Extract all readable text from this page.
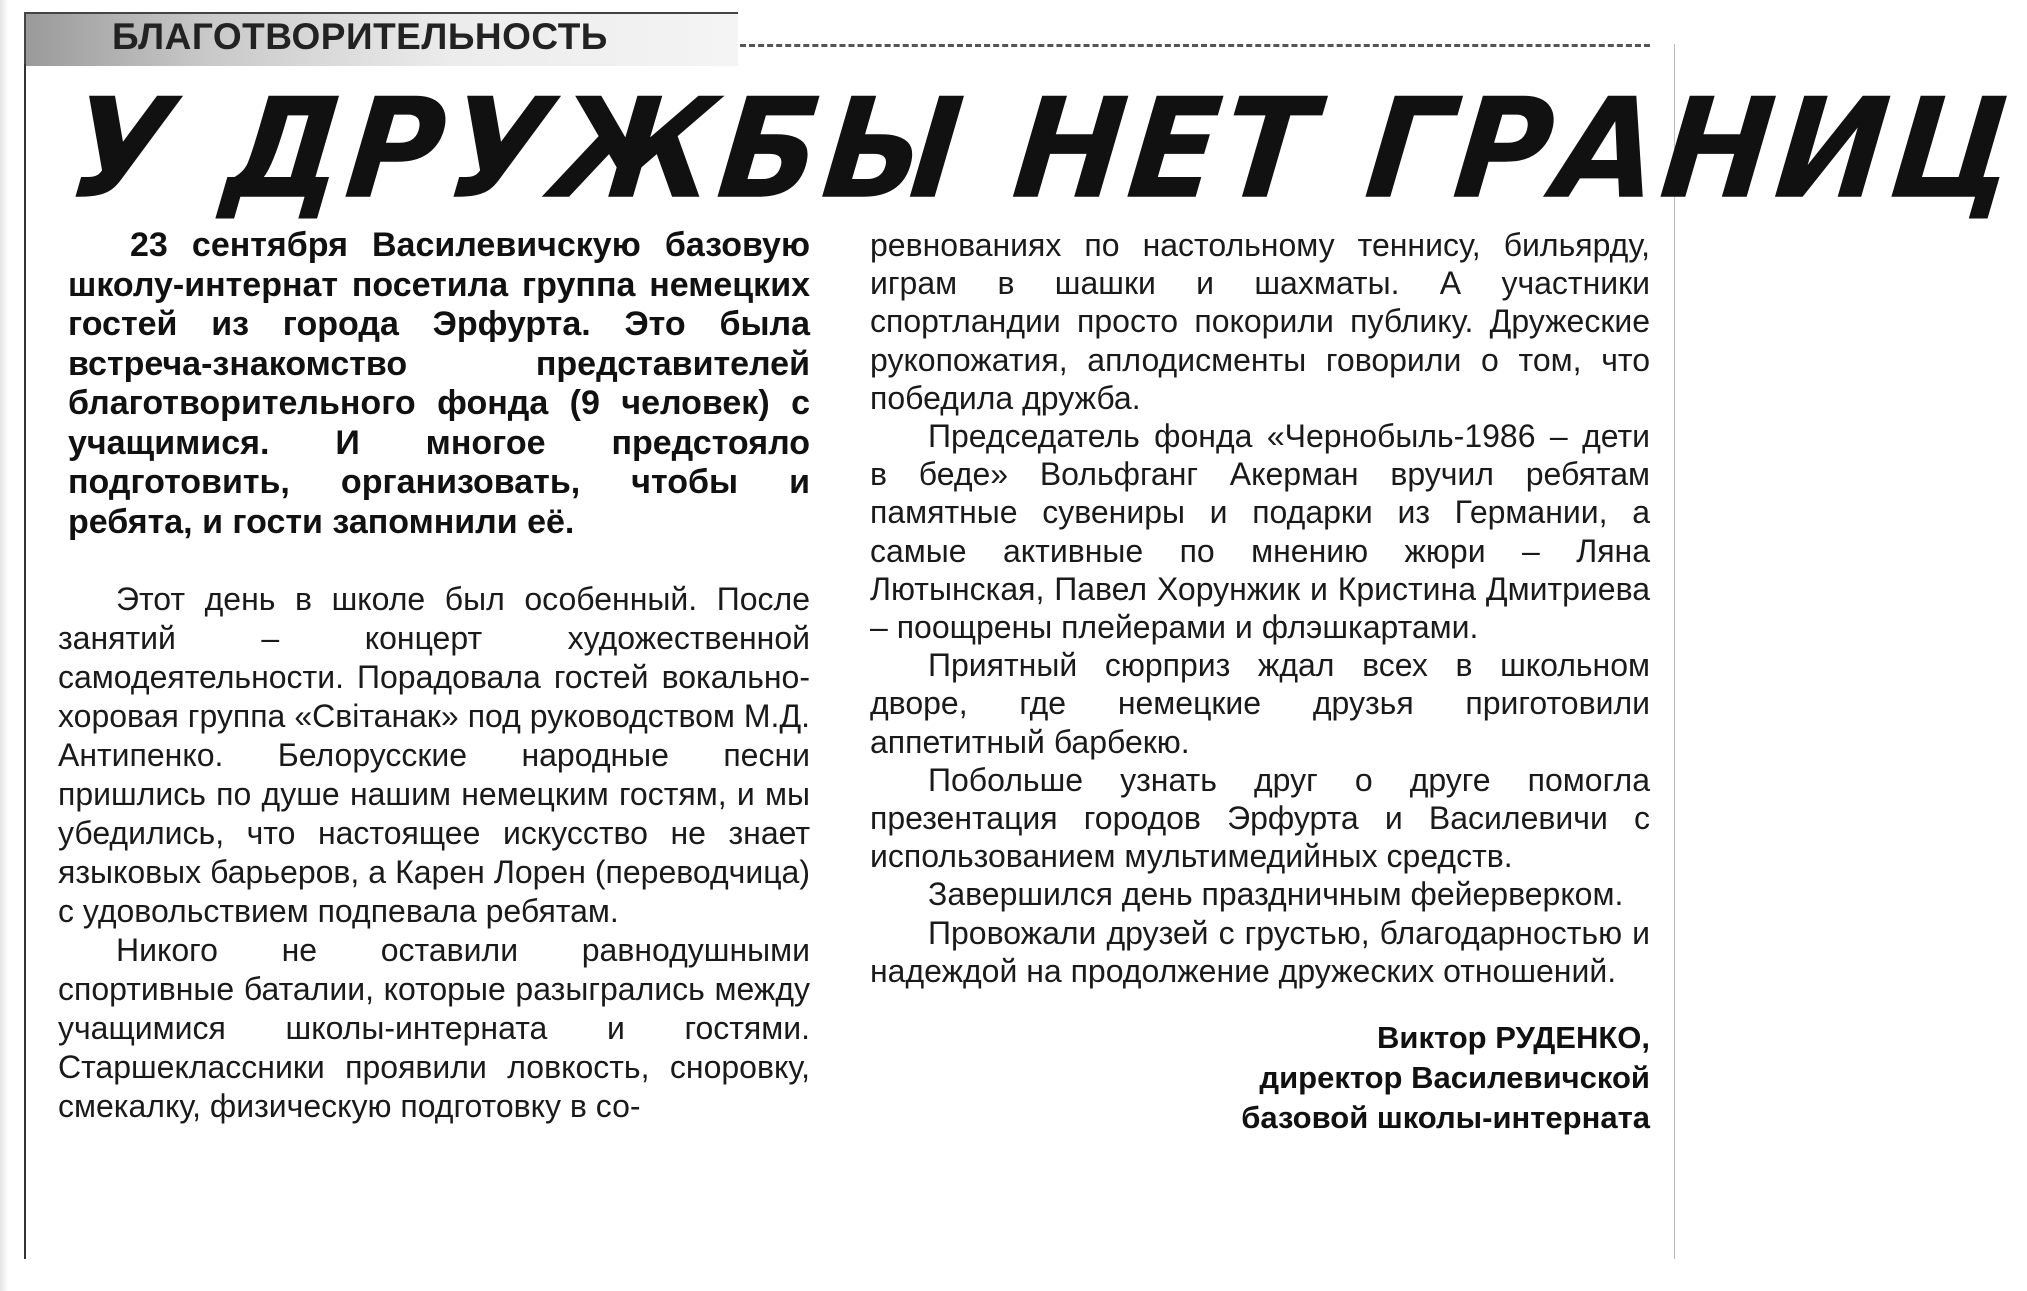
БЛАГОТВОРИТЕЛЬНОСТЬ
У ДРУЖБЫ НЕТ ГРАНИЦ

23 сентября Василевичскую базовую школу-интернат посетила группа немецких гостей из города Эрфурта. Это была встреча-знакомство представителей благотворительного фонда (9 человек) с учащимися. И многое предстояло подготовить, организовать, чтобы и ребята, и гости запомнили её.

Этот день в школе был особенный. После занятий – концерт художественной самодеятельности. Порадовала гостей вокально-хоровая группа «Світанак» под руководством М.Д. Антипенко. Белорусские народные песни пришлись по душе нашим немецким гостям, и мы убедились, что настоящее искусство не знает языковых барьеров, а Карен Лорен (переводчица) с удовольствием подпевала ребятам.

Никого не оставили равнодушными спортивные баталии, которые разыгрались между учащимися школы-интерната и гостями. Старшеклассники проявили ловкость, сноровку, смекалку, физическую подготовку в со-

ревнованиях по настольному теннису, бильярду, играм в шашки и шахматы. А участники спортландии просто покорили публику. Дружеские рукопожатия, аплодисменты говорили о том, что победила дружба.

Председатель фонда «Чернобыль-1986 – дети в беде» Вольфганг Акерман вручил ребятам памятные сувениры и подарки из Германии, а самые активные по мнению жюри – Ляна Лютынская, Павел Хорунжик и Кристина Дмитриева – поощрены плейерами и флэшкартами.

Приятный сюрприз ждал всех в школьном дворе, где немецкие друзья приготовили аппетитный барбекю.

Побольше узнать друг о друге помогла презентация городов Эрфурта и Василевичи с использованием мультимедийных средств.

Завершился день праздничным фейерверком.

Провожали друзей с грустью, благодарностью и надеждой на продолжение дружеских отношений.

Виктор РУДЕНКО,
директор Василевичской
базовой школы-интерната
